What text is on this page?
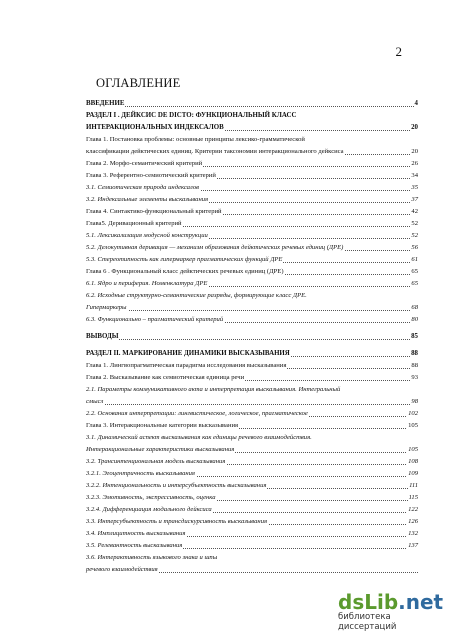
2
ОГЛАВЛЕНИЕ
ВВЕДЕНИЕ	4
РАЗДЕЛ I . ДЕЙКСИС DE DICTO: ФУНКЦИОНАЛЬНЫЙ КЛАСС
ИНТЕРАКЦИОНАЛЬНЫХ ИНДЕКСАЛОВ	20
Глава 1. Постановка проблемы: основные принципы лексико-грамматической
классификации дейктических единиц. Критерии таксономии интеракционального дейксиса	20
Глава 2. Морфо-семантический критерий	26
Глава 3. Референтно-семиотический критерий	34
3.1. Семиотическая природа индексалов	35
3.2. Индексальные элементы высказывания	37
Глава 4. Синтактико-функциональный критерий	42
Глава5. Деривационный критерий	52
5.1. Лексикализация модусной конструкции	52
5.2. Делокутивная деривация — механизм образования дейктических речевых единиц (ДРЕ)	56
5.3. Стереотипность как гипермаркер прагматических функций ДРЕ	61
Глава 6 . Функциональный класс дейктических речевых единиц (ДРЕ)	65
6.1. Ядро и периферия. Номенклатура ДРЕ	65
6.2. Исходные структурно-семантические разряды, формирующие класс ДРЕ.
Гипермаркеры	68
6.3. Функционально – прагматический критерий	80
ВЫВОДЫ	85
РАЗДЕЛ II. МАРКИРОВАНИЕ ДИНАМИКИ ВЫСКАЗЫВАНИЯ	88
Глава 1. Лингвопрагматическая парадигма исследования высказывания	88
Глава 2. Высказывание как семиотическая единица речи	93
2.1. Параметры коммуникативного акта и интерпретация высказывания. Интегральный
смысл	98
2.2. Основания интерпретации: лингвистическое, логическое, прагматическое	102
Глава 3. Интеракциональные категории высказывания	105
3.1. Динамический аспект высказывания как единицы речевого взаимодействия.
Интеракциональные характеристики высказывания	105
3.2. Трансинтенциональная модель высказывания	108
3.2.1. Эгоцентричность высказывания	109
3.2.2. Интенциональность и интерсубъектность высказывания	111
3.2.3. Эмотивность, экспрессивность, оценка	115
3.2.4. Дифференциация модального дейксиса	122
3.3. Интерсубъектность и трансдискурсивность высказывания	126
3.4. Имплицитность высказывания	132
3.5. Релевантность высказывания	137
3.6. Интерактивность языкового знака и шпы
речевого взаимодействия
dsLib.net
библиотека диссертаций
